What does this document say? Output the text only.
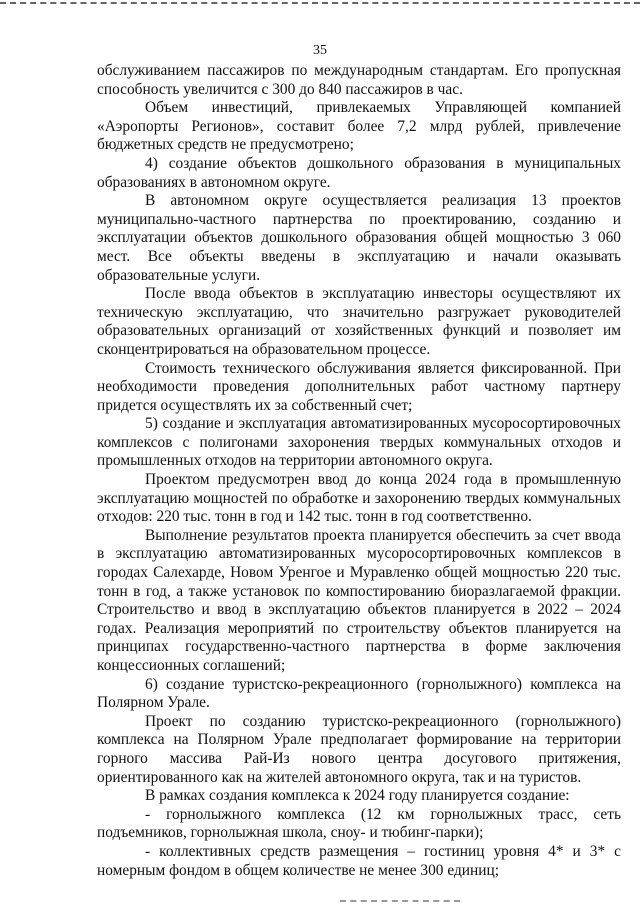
35

обслуживанием пассажиров по международным стандартам. Его пропускная способность увеличится с 300 до 840 пассажиров в час.

Объем инвестиций, привлекаемых Управляющей компанией «Аэропорты Регионов», составит более 7,2 млрд рублей, привлечение бюджетных средств не предусмотрено;

4) создание объектов дошкольного образования в муниципальных образованиях в автономном округе.

В автономном округе осуществляется реализация 13 проектов муниципально-частного партнерства по проектированию, созданию и эксплуатации объектов дошкольного образования общей мощностью 3 060 мест. Все объекты введены в эксплуатацию и начали оказывать образовательные услуги.

После ввода объектов в эксплуатацию инвесторы осуществляют их техническую эксплуатацию, что значительно разгружает руководителей образовательных организаций от хозяйственных функций и позволяет им сконцентрироваться на образовательном процессе.

Стоимость технического обслуживания является фиксированной. При необходимости проведения дополнительных работ частному партнеру придется осуществлять их за собственный счет;

5) создание и эксплуатация автоматизированных мусоросортировочных комплексов с полигонами захоронения твердых коммунальных отходов и промышленных отходов на территории автономного округа.

Проектом предусмотрен ввод до конца 2024 года в промышленную эксплуатацию мощностей по обработке и захоронению твердых коммунальных отходов: 220 тыс. тонн в год и 142 тыс. тонн в год соответственно.

Выполнение результатов проекта планируется обеспечить за счет ввода в эксплуатацию автоматизированных мусоросортировочных комплексов в городах Салехарде, Новом Уренгое и Муравленко общей мощностью 220 тыс. тонн в год, а также установок по компостированию биоразлагаемой фракции. Строительство и ввод в эксплуатацию объектов планируется в 2022 – 2024 годах. Реализация мероприятий по строительству объектов планируется на принципах государственно-частного партнерства в форме заключения концессионных соглашений;

6) создание туристско-рекреационного (горнолыжного) комплекса на Полярном Урале.

Проект по созданию туристско-рекреационного (горнолыжного) комплекса на Полярном Урале предполагает формирование на территории горного массива Рай-Из нового центра досугового притяжения, ориентированного как на жителей автономного округа, так и на туристов.

В рамках создания комплекса к 2024 году планируется создание:

- горнолыжного комплекса (12 км горнолыжных трасс, сеть подъемников, горнолыжная школа, сноу- и тюбинг-парки);

- коллективных средств размещения – гостиниц уровня 4* и 3* с номерным фондом в общем количестве не менее 300 единиц;
